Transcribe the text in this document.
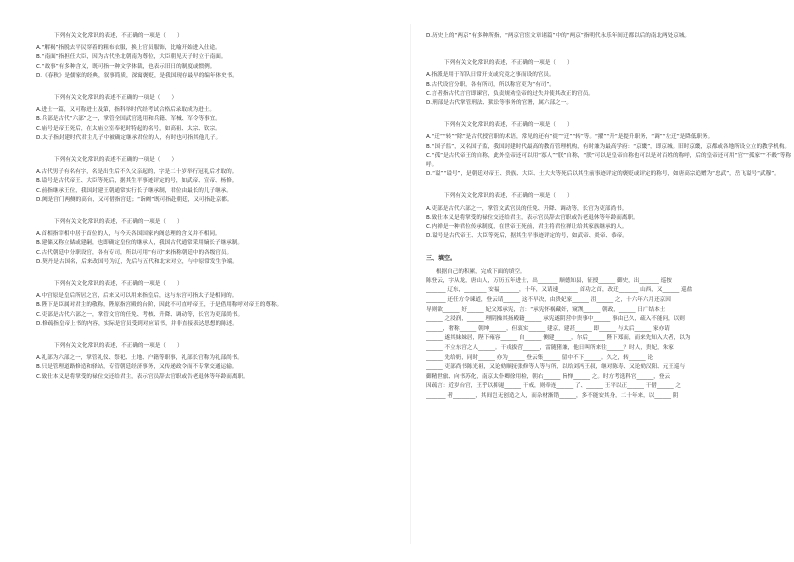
下列有关文化常识的表述，不正确的一项是（　　）
A.“解褐”指脱去平民穿着的粗布衣服，换上官员服饰，比喻开始进入仕途。
B.“南面”指担任大臣，因为古代坐北朝南为尊位，大臣朝见天子时立于南面。
C.“故事”有多种含义，既可指一种文学体裁，也表示旧日的制度或惯例。
D.《春秋》是儒家的经典，叙事简质，深寓褒贬，是我国现存最早的编年体史书。
下列有关文化常识的表述不正确的一项是（　　）
A.进士一篇，又可称进士及第，指科举时代经考试合格后录取成为进士。
B.兵部是古代“六部”之一，掌管全国武官选用和兵籍、军械、军令等事宜。
C.庙号是帝王死后，在太庙立室奉祀时特起的名号，如高祖、太宗、钦宗。
D.太子指封建时代君主儿子中被确定继承君位的人，有时也可指其他儿子。
下列有关文化常识的表述不正确的一项是（　　）
A.古代男子有名有字，名是出生后不久父亲起的，字是二十岁举行冠礼后才取的。
B.谥号是古代帝王、大臣等死后，据其生平事迹评定的号，如武帝、宣帝、杨修。
C.前指继承王位，我国封建王朝通常实行长子继承制，君位由最长的儿子继承。
D.阙是宫门两侧的高台，又可借指宫廷；“诣阙”既可指赴朝廷，又可指赴京都。
下列有关文化常识的表述，不正确的一项是（　　）
A.首相指宰相中居于首位的人，与今天各国国家内阁总理的含义并不相同。
B.建储又称立储或建嗣，也即确定皇位的继承人，我国古代通常采用嫡长子继承制。
C.古代朝廷中分职设官，各有专司，所以可用“有司”来指称朝廷中的各级官员。
D.契丹是古国名，后来改国号为辽，先后与五代和北宋对立，与中原常发生争端。
下列有关文化常识的表述，不正确的一项是（　　）
A.中宫原是皇后所居之宫，后来又可以用来指皇后，这与东宫可指太子是相同的。
B.陛下是臣属对君主的敬称，陛原指宫殿的台阶，因此不可直呼帝王，于是借用称呼对帝王的尊称。
C.吏部是古代六部之一，掌管文官的任免、考核、升降、调动等，长官为吏部尚书。
D.修疏指皇帝上书的内容，实际是官员受到对应诏书，并非直接表达思想的陈述。
下列有关文化常识的表述，不正确的一项是（　　）
A.礼部为六部之一，掌管礼仪、祭祀、土地、户籍等职事，礼部长官称为礼部尚书。
B.只是管理道路修造和驿站，专管朝廷经济事务，又传递政令而不专掌交通运输。
C.致仕本义是将掌受的禄位交还给君主，表示官员辞去官职或告老退休等年龄而离职。
D.历史上的“两京”有多种所指，“两京官宦文章诸篇”中的“两京”指明代永乐年间迁都以后的南北两处京城。
下列有关文化常识的表述，不正确的一项是（　　）
A.指派是用于军队日常开支或究竟之事而设的官员。
B.古代设官分职，各有所司，所以称官吏为“有司”。
C.言者指古代言官即谏官，负责规劝皇帝的过失并使其改正的官员。
D.刑部是古代掌管刑法、狱讼等事务的官署，属六部之一。
下列有关文化常识的表述，不正确的一项是（　　）
A.“迁”“转”“除”是古代授官职的术语，常见的还有“徙”“迁”“转”等。“擢”“升”是提升职务，“调”“左迁”是降低职务。
B.“国子监”，又名国子监，我国封建时代最高的教育管理机构，有时兼为最高学府：“京畿”，即京城。旧时京畿，京都或各地所设立立的教学机构。
C.“孤”是古代帝王的自称，此外皇帝还可以用“寡人”“朕”自称，“朕”可以是皇帝自称也可以是对百姓的称呼，后的皇帝还可用“官”“孤家”“不穀”等称呼。
D.“谥”“谥号”，是朝廷对帝王、贵族、大臣、士大夫等死后以其生前事迹评定的褒贬或评定的称号，如唐高宗追赠为“忠武”，岳飞谥号“武穆”。
下列有关文化常识的表述，不正确的一项是（　　）
A.吏部是古代六部之一，掌管文武官员的任免、升降、调动等，长官为吏部尚书。
B.致仕本义是将掌受的禄位交还给君主，表示官员辞去官职或告老退休等年龄而离职。
C.内禅是一种君位传承制度，在世帝王死前，君主将君位禅让给其家族继承的人。
D.谥号是古代帝王、大臣等死后，据其生平事迹评定的号，如武帝、炎帝、恭帝。
三、填空。
根据自己的积累，完成下面的填空。
陈登云，字从龙，唐山人，万历五年进士，出_______ 顺德知县，征授______ 御史，出_______ 巡按
_______ 辽东，________ 安福_______，十年，又请速_______ 首功之首，改迁_______ 山西，又______ 巡盐
_______ 还任方令谏道，登云请______ 这不早决，由贵妃家______ 沮______ 之，十六年六月还京因
导则欲______ 好______ 妃父郑承宪，言：“承宪怀祸藏奸，窥觊______ 朝政，______ 日广结本士
______ 之浸润，______ 理阴操其扬殿籍______ 承宪遂阴营中贵事中______ 事由已久，疏入不能问，以则
______，奢称______ 朝坤______，但衷实______ 建京，建甚______ 即______ 与太后______ 家亦请
______ 遂其妹妹居，陛下雍容______ 自______ 侧建______，尔后______ 陛下郑而，而来先知入大者，以为
______ 不立东宫之人______。干戎拔营______，雷随猪兼，他日叫所来往______？时人，贵妃，朱家
______ 先给奶，同时______ 亦为______ 登云集______ 留中不下______。久之，转______ 论
______ 吏部尚书陈光祖，又论劾顺抚张修等人等与所，以给刘冯王叔，继对陈寿、又论劾汉阳、元王巡与
御精世旅、向书苏化，南京太仆卿徐用检，朝右______ 旨惮______ 之。时方考选科官______，登云
因疏言：近岁台官，王乎以抑遏______ 干戒，则牵连______ 了、______ 王平以正______ 干借______ 之
_______ 者________，其间岂无创造之人，而杂材渐错______，多不能安其身，二十年来，以______ 阴
